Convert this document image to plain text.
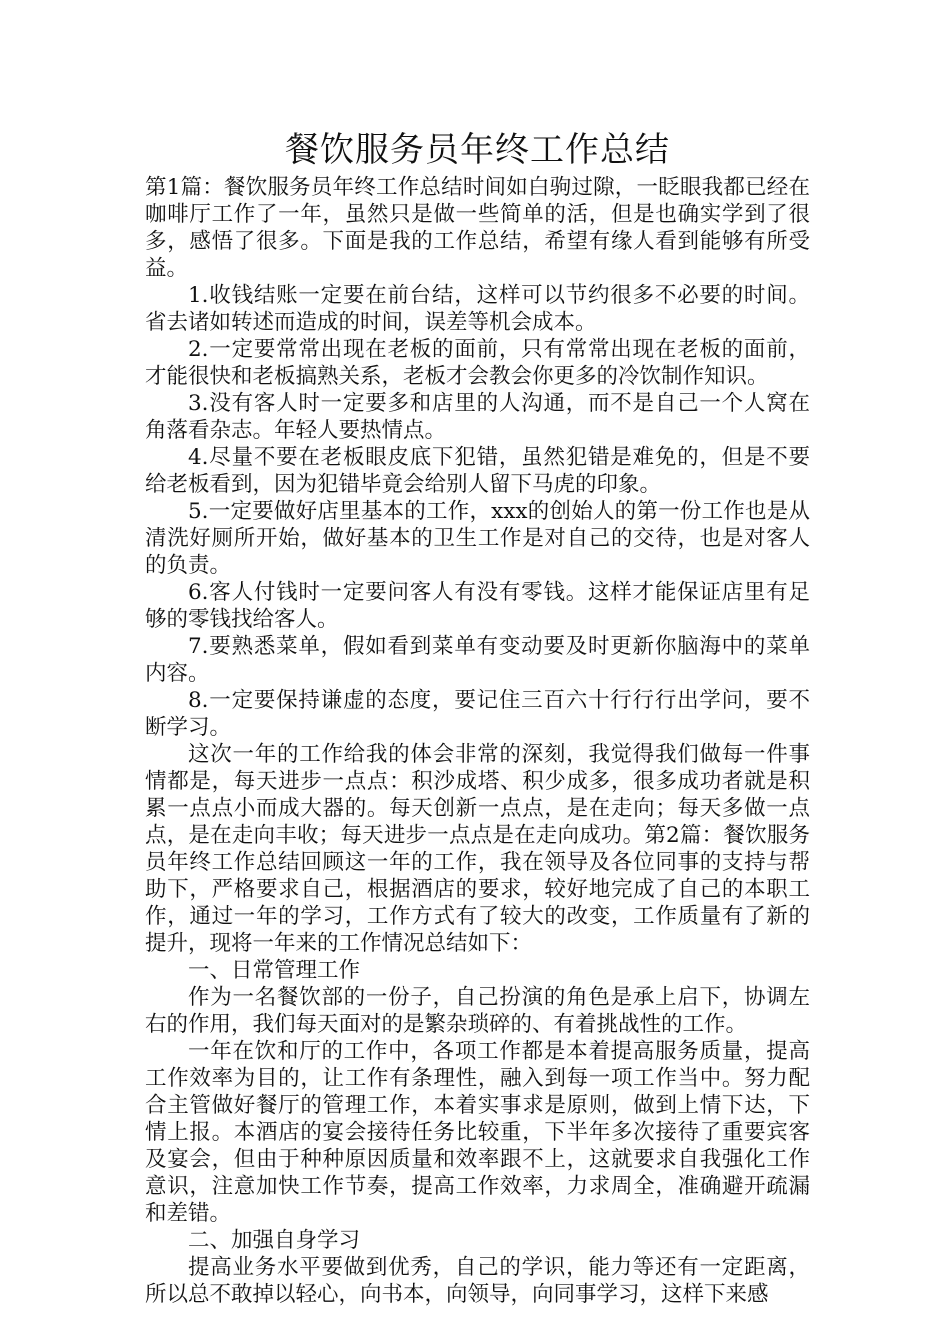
餐饮服务员年终工作总结

第1篇：餐饮服务员年终工作总结时间如白驹过隙，一眨眼我都已经在咖啡厅工作了一年，虽然只是做一些简单的活，但是也确实学到了很多，感悟了很多。下面是我的工作总结，希望有缘人看到能够有所受益。

1.收钱结账一定要在前台结，这样可以节约很多不必要的时间。省去诸如转述而造成的时间，误差等机会成本。

2.一定要常常出现在老板的面前，只有常常出现在老板的面前，才能很快和老板搞熟关系，老板才会教会你更多的冷饮制作知识。

3.没有客人时一定要多和店里的人沟通，而不是自己一个人窝在角落看杂志。年轻人要热情点。

4.尽量不要在老板眼皮底下犯错，虽然犯错是难免的，但是不要给老板看到，因为犯错毕竟会给别人留下马虎的印象。

5.一定要做好店里基本的工作，xxx的创始人的第一份工作也是从清洗好厕所开始，做好基本的卫生工作是对自己的交待，也是对客人的负责。

6.客人付钱时一定要问客人有没有零钱。这样才能保证店里有足够的零钱找给客人。

7.要熟悉菜单，假如看到菜单有变动要及时更新你脑海中的菜单内容。

8.一定要保持谦虚的态度，要记住三百六十行行行出学问，要不断学习。

这次一年的工作给我的体会非常的深刻，我觉得我们做每一件事情都是，每天进步一点点：积沙成塔、积少成多，很多成功者就是积累一点点小而成大器的。每天创新一点点，是在走向；每天多做一点点，是在走向丰收；每天进步一点点是在走向成功。第2篇：餐饮服务员年终工作总结回顾这一年的工作，我在领导及各位同事的支持与帮助下，严格要求自己，根据酒店的要求，较好地完成了自己的本职工作，通过一年的学习，工作方式有了较大的改变，工作质量有了新的提升，现将一年来的工作情况总结如下：

一、日常管理工作

作为一名餐饮部的一份子，自己扮演的角色是承上启下，协调左右的作用，我们每天面对的是繁杂琐碎的、有着挑战性的工作。

一年在饮和厅的工作中，各项工作都是本着提高服务质量，提高工作效率为目的，让工作有条理性，融入到每一项工作当中。努力配合主管做好餐厅的管理工作，本着实事求是原则，做到上情下达，下情上报。本酒店的宴会接待任务比较重，下半年多次接待了重要宾客及宴会，但由于种种原因质量和效率跟不上，这就要求自我强化工作意识，注意加快工作节奏，提高工作效率，力求周全，准确避开疏漏和差错。

二、加强自身学习

提高业务水平要做到优秀，自己的学识，能力等还有一定距离，所以总不敢掉以轻心，向书本，向领导，向同事学习，这样下来感
